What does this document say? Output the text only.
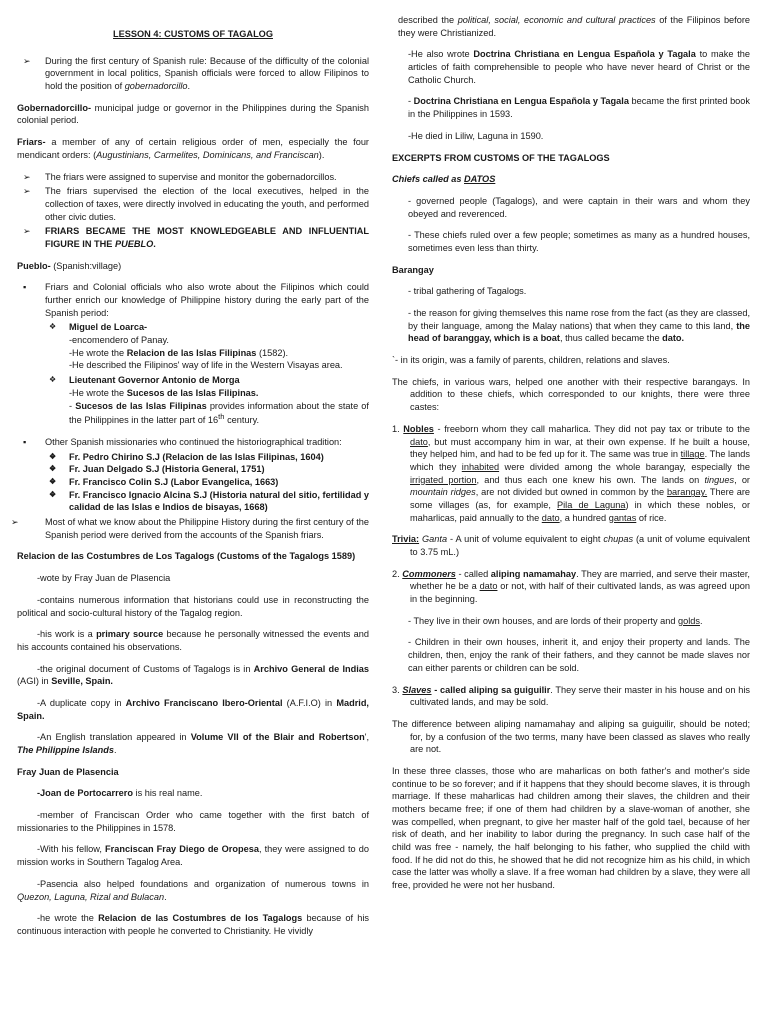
LESSON 4: CUSTOMS OF TAGALOG
➢ During the first century of Spanish rule: Because of the difficulty of the colonial government in local politics, Spanish officials were forced to allow Filipinos to hold the position of gobernadorcillo.

Gobernadorcillo- municipal judge or governor in the Philippines during the Spanish colonial period.

Friars- a member of any of certain religious order of men, especially the four mendicant orders: (Augustinians, Carmelites, Dominicans, and Franciscan).

➢ The friars were assigned to supervise and monitor the gobernadorcillos.
➢ The friars supervised the election of the local executives, helped in the collection of taxes, were directly involved in educating the youth, and performed other civic duties.
➢ FRIARS BECAME THE MOST KNOWLEDGEABLE AND INFLUENTIAL FIGURE IN THE PUEBLO.

Pueblo- (Spanish:village)

▪ Friars and Colonial officials who also wrote about the Filipinos which could further enrich our knowledge of Philippine history during the early part of the Spanish period:
❖ Miguel de Loarca-
-encomendero of Panay.
-He wrote the Relacion de las Islas Filipinas (1582).
-He described the Filipinos' way of life in the Western Visayas area.
❖ Lieutenant Governor Antonio de Morga
-He wrote the Sucesos de las Islas Filipinas.
- Sucesos de las Islas Filipinas provides information about the state of the Philippines in the latter part of 16th century.
▪ Other Spanish missionaries who continued the historiographical tradition:
❖ Fr. Pedro Chirino S.J (Relacion de las Islas Filipinas, 1604)
❖ Fr. Juan Delgado S.J (Historia General, 1751)
❖ Fr. Francisco Colin S.J (Labor Evangelica, 1663)
❖ Fr. Francisco Ignacio Alcina S.J (Historia natural del sitio, fertilidad y calidad de las Islas e Indios de bisayas, 1668)
➢	Most of what we know about the Philippine History during the first century of the Spanish period were derived from the accounts of the Spanish friars.

Relacion de las Costumbres de Los Tagalogs (Customs of the Tagalogs 1589)

-wote by Fray Juan de Plasencia

-contains numerous information that historians could use in reconstructing the political and socio-cultural history of the Tagalog region.

-his work is a primary source because he personally witnessed the events and his accounts contained his observations.

-the original document of Customs of Tagalogs is in Archivo General de Indias (AGI) in Seville, Spain.

-A duplicate copy in Archivo Franciscano Ibero-Oriental (A.F.I.O) in Madrid, Spain.

-An English translation appeared in Volume VII of the Blair and Robertson', The Philippine Islands.

Fray Juan de Plasencia

-Joan de Portocarrero is his real name.

-member of Franciscan Order who came together with the first batch of missionaries to the Philippines in 1578.

-With his fellow, Franciscan Fray Diego de Oropesa, they were assigned to do mission works in Southern Tagalog Area.

-Pasencia also helped foundations and organization of numerous towns in Quezon, Laguna, Rizal and Bulacan.

-he wrote the Relacion de las Costumbres de los Tagalogs because of his continuous interaction with people he converted to Christianity. He vividly

described the political, social, economic and cultural practices of the Filipinos before they were Christianized.

-He also wrote Doctrina Christiana en Lengua Española y Tagala to make the articles of faith comprehensible to people who have never heard of Christ or the Catholic Church.

- Doctrina Christiana en Lengua Española y Tagala became the first printed book in the Philippines in 1593.

-He died in Liliw, Laguna in 1590.

EXCERPTS FROM CUSTOMS OF THE TAGALOGS

Chiefs called as DATOS

- governed people (Tagalogs), and were captain in their wars and whom they obeyed and reverenced.

- These chiefs ruled over a few people; sometimes as many as a hundred houses, sometimes even less than thirty.

Barangay

- tribal gathering of Tagalogs.

- the reason for giving themselves this name rose from the fact (as they are classed, by their language, among the Malay nations) that when they came to this land, the head of baranggay, which is a boat, thus called became the dato.

`- in its origin, was a family of parents, children, relations and slaves.

The chiefs, in various wars, helped one another with their respective barangays. In addition to these chiefs, which corresponded to our knights, there were three castes:

1. Nobles - freeborn whom they call maharlica. They did not pay tax or tribute to the dato, but must accompany him in war, at their own expense. If he built a house, they helped him, and had to be fed up for it. The same was true in tillage. The lands which they inhabited were divided among the whole barangay, especially the irrigated portion, and thus each one knew his own. The lands on tingues, or mountain ridges, are not divided but owned in common by the barangay. There are some villages (as, for example, Pila de Laguna) in which these nobles, or maharlicas, paid annually to the dato, a hundred gantas of rice.

Trivia: Ganta - A unit of volume equivalent to eight chupas (a unit of volume equivalent to 3.75 mL.)

2. Commoners - called aliping namamahay. They are married, and serve their master, whether he be a dato or not, with half of their cultivated lands, as was agreed upon in the beginning.

- They live in their own houses, and are lords of their property and golds.

- Children in their own houses, inherit it, and enjoy their property and lands. The children, then, enjoy the rank of their fathers, and they cannot be made slaves nor can either parents or children can be sold.

3. Slaves - called aliping sa guiguilir. They serve their master in his house and on his cultivated lands, and may be sold.

The difference between aliping namamahay and aliping sa guiguilir, should be noted; for, by a confusion of the two terms, many have been classed as slaves who really are not.

In these three classes, those who are maharlicas on both father's and mother's side continue to be so forever; and if it happens that they should become slaves, it is through marriage. If these maharlicas had children among their slaves, the children and their mothers became free; if one of them had children by a slave-woman of another, she was compelled, when pregnant, to give her master half of the gold tael, because of her risk of death, and her inability to labor during the pregnancy. In such case half of the child was free - namely, the half belonging to his father, who supplied the child with food. If he did not do this, he showed that he did not recognize him as his child, in which case the latter was wholly a slave. If a free woman had children by a slave, they were all free, provided he were not her husband.
